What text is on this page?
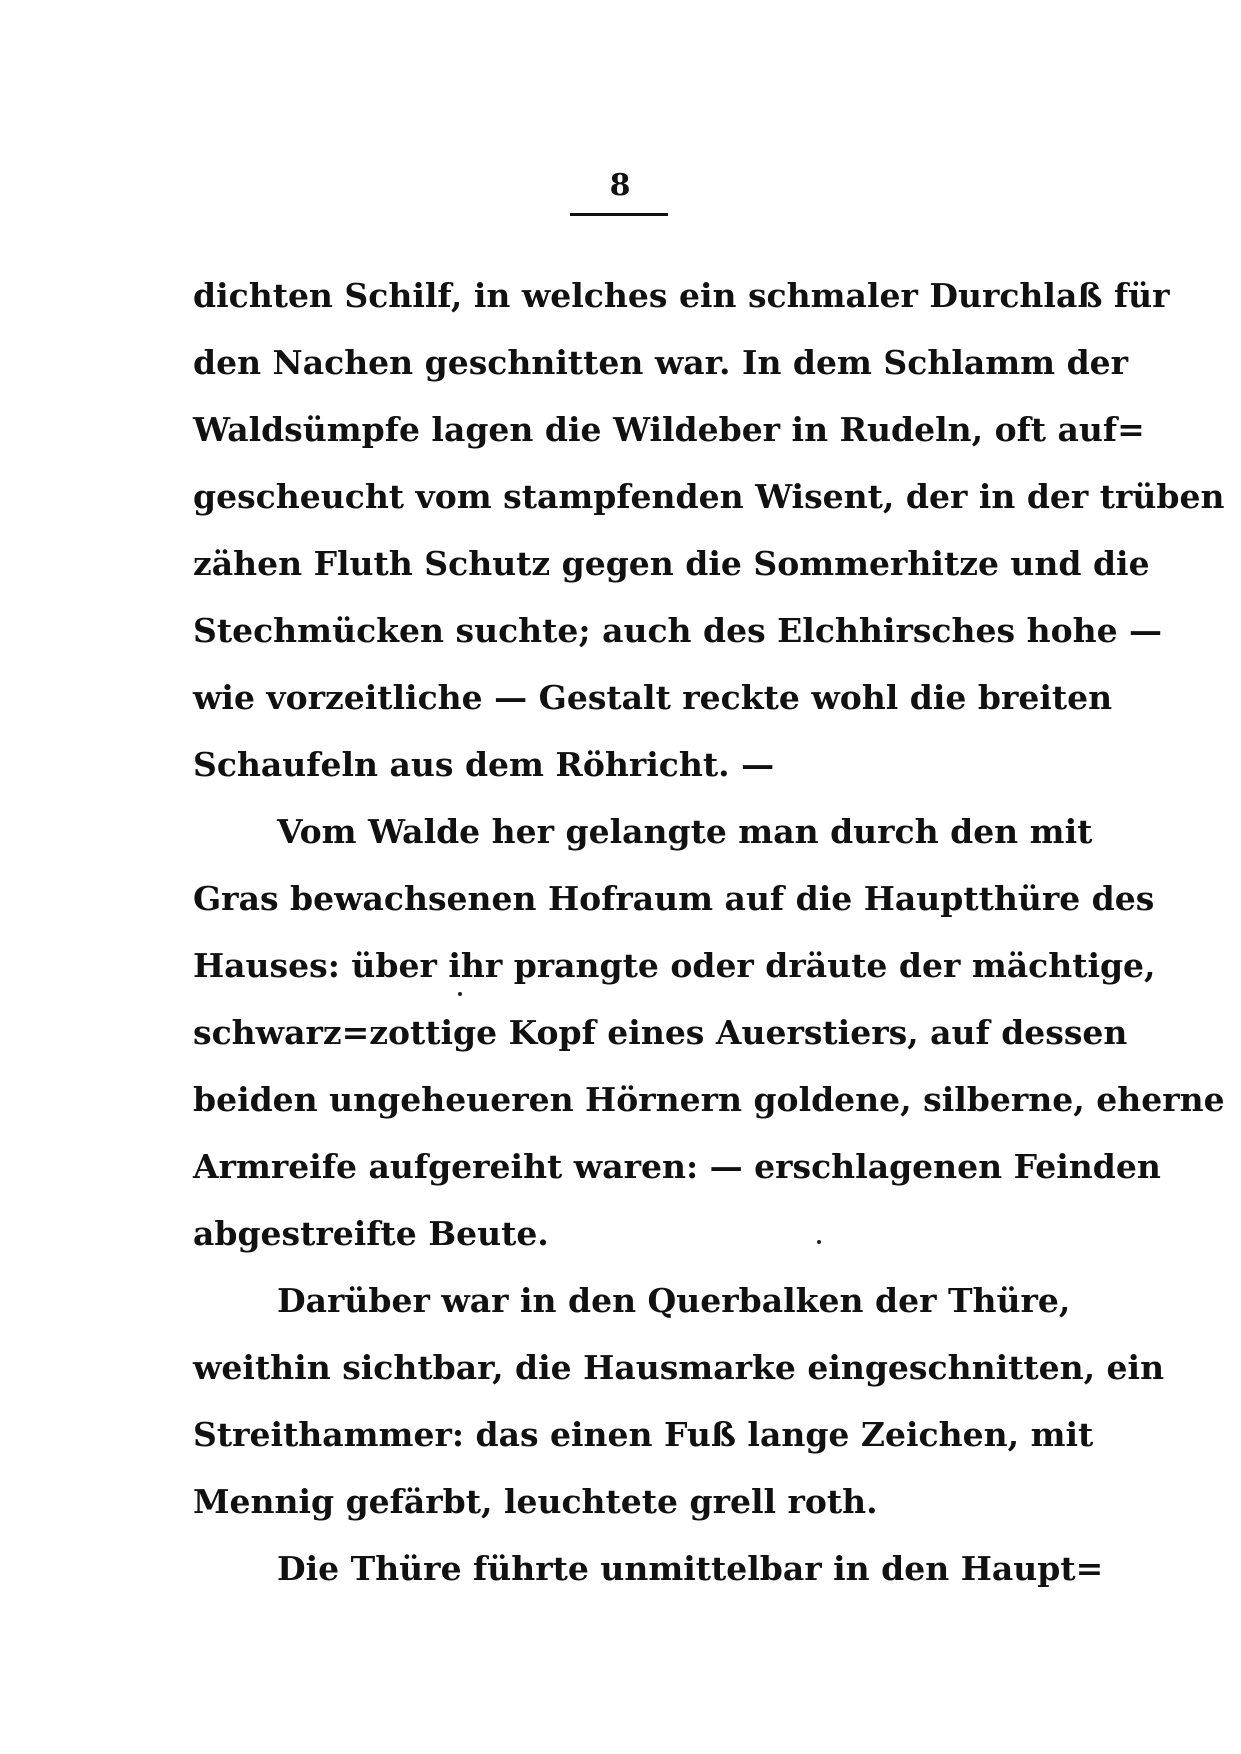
8
dichten Schilf, in welches ein schmaler Durchlaß für
den Nachen geschnitten war. In dem Schlamm der
Waldsümpfe lagen die Wildeber in Rudeln, oft auf=
gescheucht vom stampfenden Wisent, der in der trüben
zähen Fluth Schutz gegen die Sommerhitze und die
Stechmücken suchte; auch des Elchhirsches hohe —
wie vorzeitliche — Gestalt reckte wohl die breiten
Schaufeln aus dem Röhricht. —
Vom Walde her gelangte man durch den mit
Gras bewachsenen Hofraum auf die Hauptthüre des
Hauses: über ihr prangte oder dräute der mächtige,
schwarz=zottige Kopf eines Auerstiers, auf dessen
beiden ungeheueren Hörnern goldene, silberne, eherne
Armreife aufgereiht waren: — erschlagenen Feinden
abgestreifte Beute.
Darüber war in den Querbalken der Thüre,
weithin sichtbar, die Hausmarke eingeschnitten, ein
Streithammer: das einen Fuß lange Zeichen, mit
Mennig gefärbt, leuchtete grell roth.
Die Thüre führte unmittelbar in den Haupt=
